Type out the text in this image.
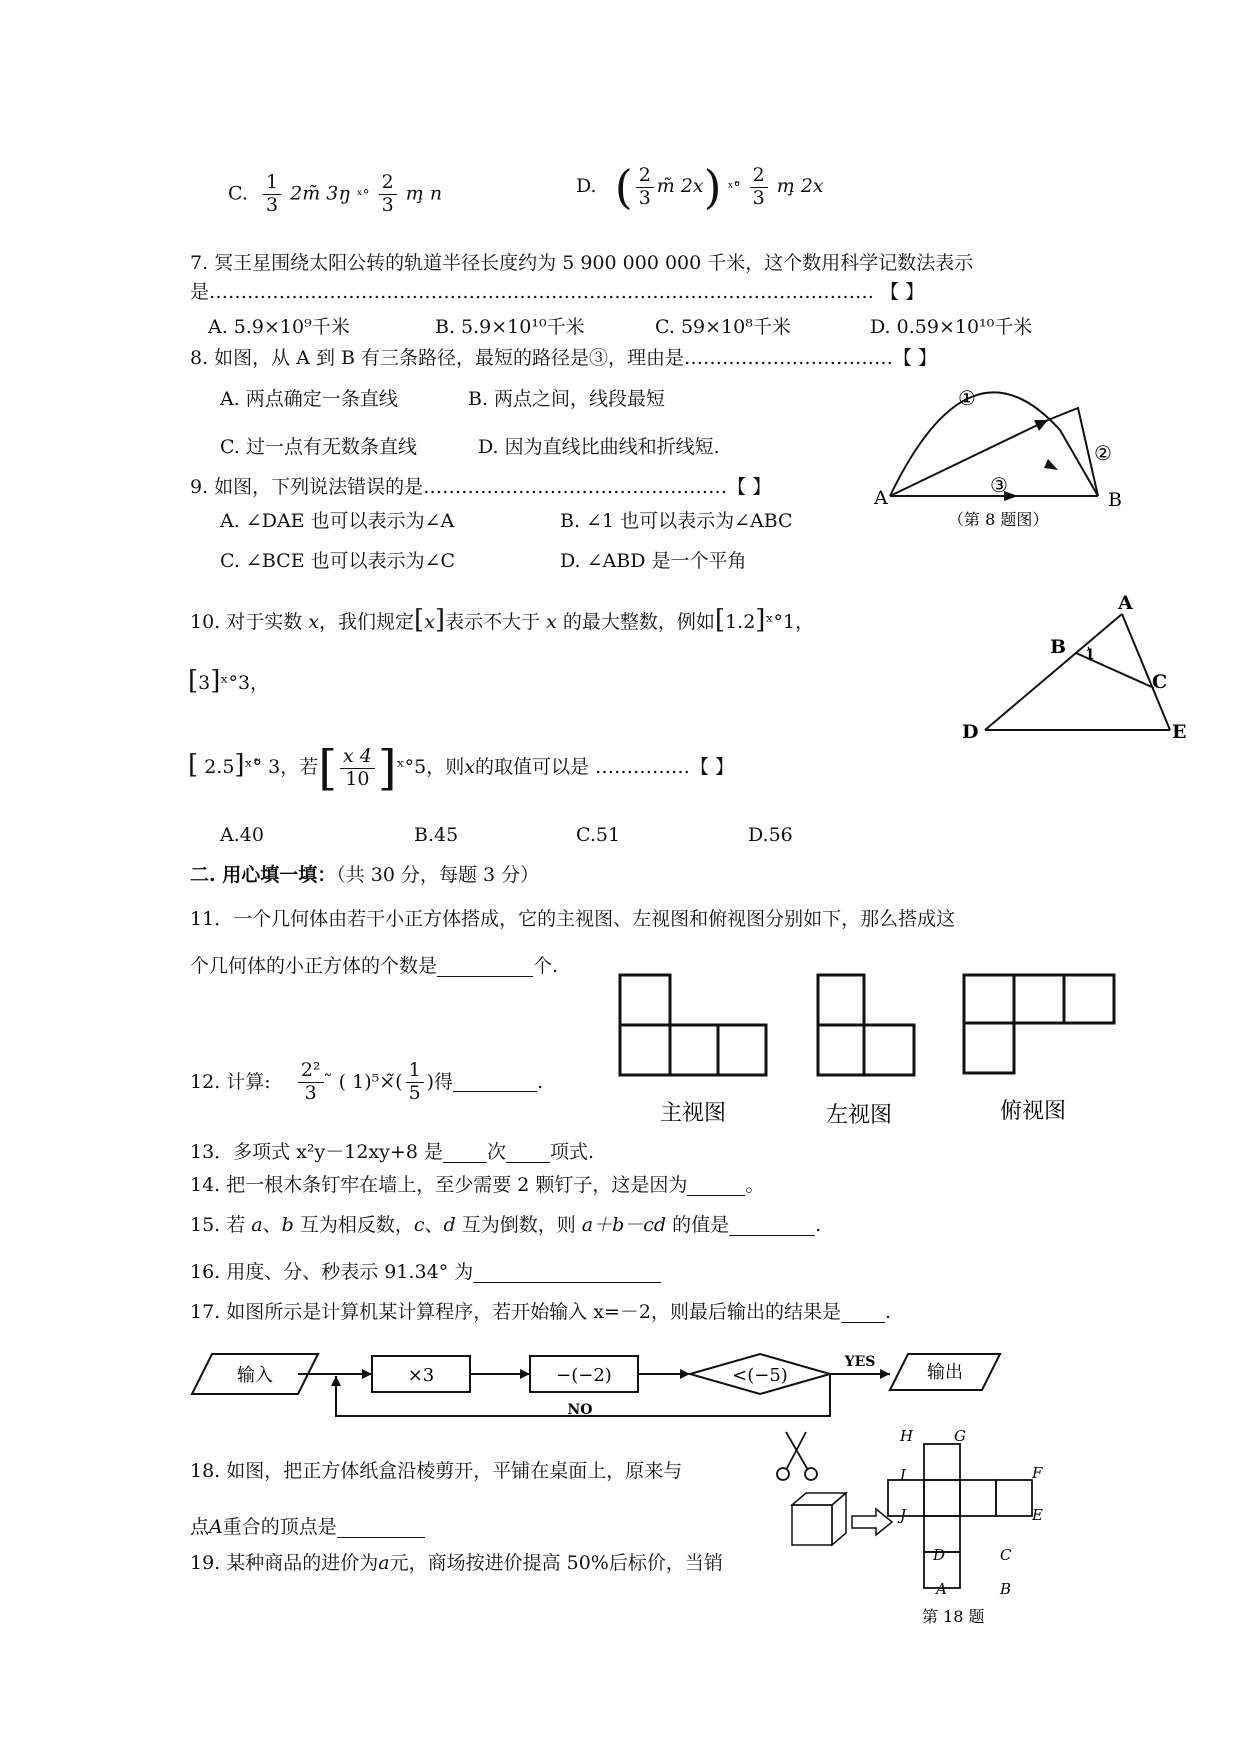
C. $\frac{1}{3}$ 2m̃ 3ŋ ˣ° $\frac{2}{3}$ m̧ n	D. ( $\frac{2}{3}$ m̃ 2x) ˣ°̃ $\frac{2}{3}$ m̧ 2x
7. 冥王星围绕太阳公转的轨道半径长度约为 5 900 000 000 千米，这个数用科学记数法表示
是…………………………………………………………………………………………… 【 】
A. 5.9×10⁹千米	B. 5.9×10¹⁰千米	C. 59×10⁸千米	D. 0.59×10¹⁰千米
8. 如图，从 A 到 B 有三条路径，最短的路径是③，理由是……………………………【 】
A. 两点确定一条直线	B. 两点之间，线段最短
C. 过一点有无数条直线	D. 因为直线比曲线和折线短.
①
②
③
A	B
（第 8 题图）
9. 如图，下列说法错误的是…………………………………………【 】
A. ∠DAE 也可以表示为∠A	B. ∠1 也可以表示为∠ABC
C. ∠BCE 也可以表示为∠C	D. ∠ABD 是一个平角
A
B 1
C
D	E
10. 对于实数 x，我们规定[x]表示不大于 x 的最大整数，例如[1.2]ˣ°1，
[3]ˣ°3，
[ 2.5]ˣ°̃ 3，若[ $\frac{x 4}{10}$ ]ˣ°5，则x的取值可以是 ……………【 】
A.40	B.45	C.51	D.56
二. 用心填一填：（共 30 分，每题 3 分）
11．一个几何体由若干小正方体搭成，它的主视图、左视图和俯视图分别如下，那么搭成这
个几何体的小正方体的个数是	个.
主视图	左视图	俯视图
12. 计算: $\frac{\text{2²}}{3}$ ̃ ( 1)⁵×̃( $\frac{1}{5}$ )得	.
13．多项式 x²y－12xy+8 是 次 项式.
14. 把一根木条钉牢在墙上，至少需要 2 颗钉子，这是因为	。
15. 若 a、b 互为相反数，c、d 互为倒数，则 a＋b－cd 的值是	.
16. 用度、分、秒表示 91.34° 为
17. 如图所示是计算机某计算程序，若开始输入 x=－2，则最后输出的结果是 .
输入	×3	−(−2)	<(−5)
YES
NO
输出
18. 如图，把正方体纸盒沿棱剪开，平铺在桌面上，原来与
点A重合的顶点是
H	G
I	F
J	E
D	C
A	B
第 18 题
19. 某种商品的进价为a元，商场按进价提高 50%后标价，当销
